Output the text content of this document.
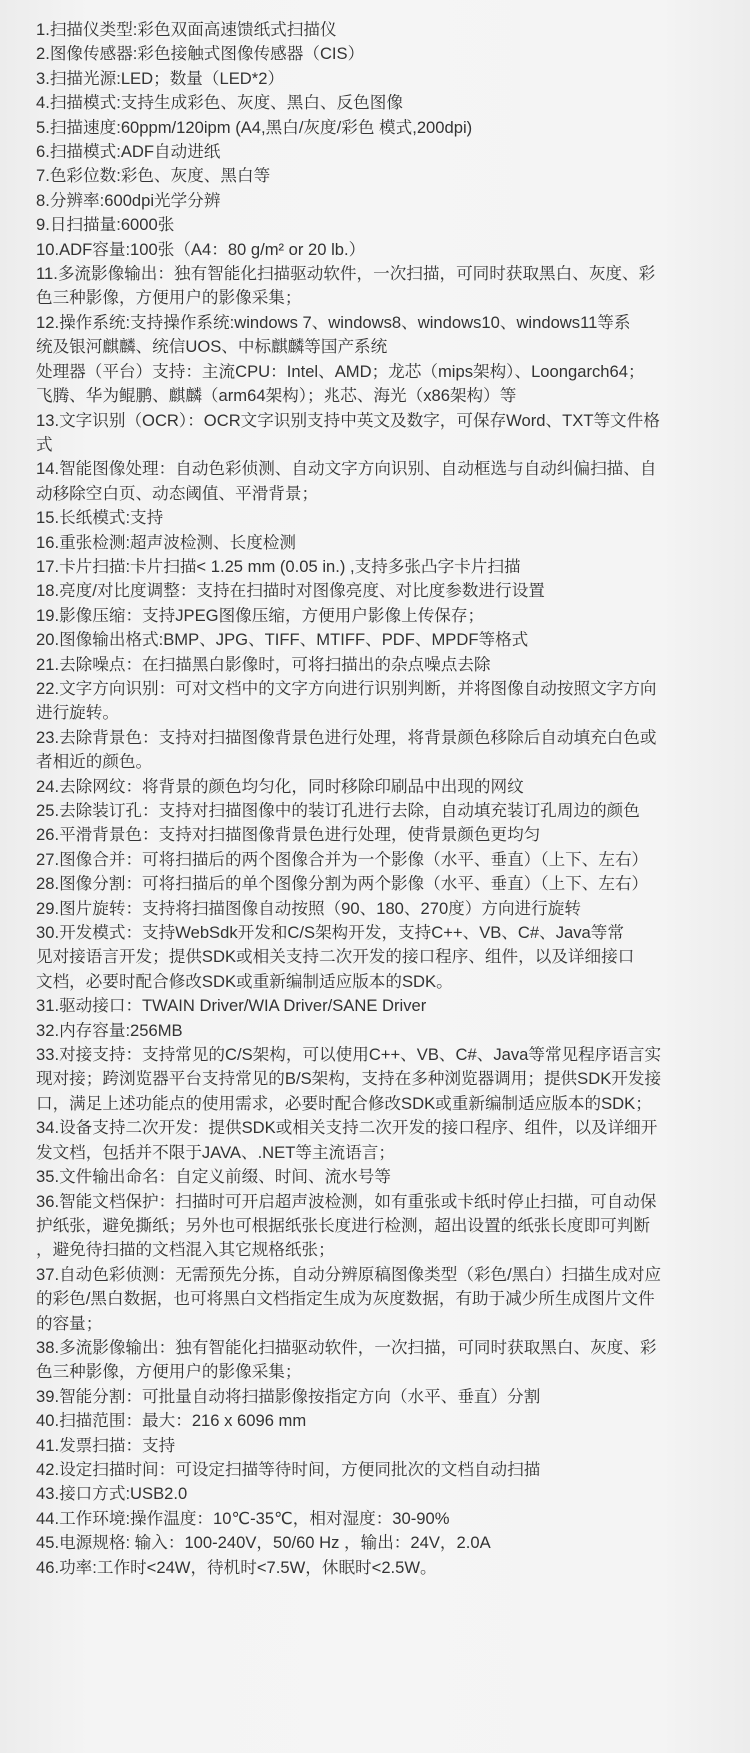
1.扫描仪类型:彩色双面高速馈纸式扫描仪

2.图像传感器:彩色接触式图像传感器（CIS）

3.扫描光源:LED；数量（LED*2）

4.扫描模式:支持生成彩色、灰度、黑白、反色图像

5.扫描速度:60ppm/120ipm (A4,黑白/灰度/彩色 模式,200dpi)

6.扫描模式:ADF自动进纸

7.色彩位数:彩色、灰度、黑白等

8.分辨率:600dpi光学分辨

9.日扫描量:6000张

10.ADF容量:100张（A4：80 g/m² or 20 lb.）

11.多流影像输出：独有智能化扫描驱动软件，一次扫描，可同时获取黑白、灰度、彩

色三种影像，方便用户的影像采集；

12.操作系统:支持操作系统:windows 7、windows8、windows10、windows11等系

统及银河麒麟、统信UOS、中标麒麟等国产系统

处理器（平台）支持：主流CPU：Intel、AMD；龙芯（mips架构）、Loongarch64；

飞腾、华为鲲鹏、麒麟（arm64架构）；兆芯、海光（x86架构）等

13.文字识别（OCR）：OCR文字识别支持中英文及数字，可保存Word、TXT等文件格

式

14.智能图像处理：自动色彩侦测、自动文字方向识别、自动框选与自动纠偏扫描、自

动移除空白页、动态阈值、平滑背景；

15.长纸模式:支持

16.重张检测:超声波检测、长度检测

17.卡片扫描:卡片扫描< 1.25 mm (0.05 in.) ,支持多张凸字卡片扫描

18.亮度/对比度调整：支持在扫描时对图像亮度、对比度参数进行设置

19.影像压缩：支持JPEG图像压缩，方便用户影像上传保存；

20.图像输出格式:BMP、JPG、TIFF、MTIFF、PDF、MPDF等格式

21.去除噪点：在扫描黑白影像时，可将扫描出的杂点噪点去除

22.文字方向识别：可对文档中的文字方向进行识别判断，并将图像自动按照文字方向

进行旋转。

23.去除背景色：支持对扫描图像背景色进行处理，将背景颜色移除后自动填充白色或

者相近的颜色。

24.去除网纹：将背景的颜色均匀化，同时移除印刷品中出现的网纹

25.去除装订孔：支持对扫描图像中的装订孔进行去除，自动填充装订孔周边的颜色

26.平滑背景色：支持对扫描图像背景色进行处理，使背景颜色更均匀

27.图像合并：可将扫描后的两个图像合并为一个影像（水平、垂直）（上下、左右）

28.图像分割：可将扫描后的单个图像分割为两个影像（水平、垂直）（上下、左右）

29.图片旋转：支持将扫描图像自动按照（90、180、270度）方向进行旋转

30.开发模式：支持WebSdk开发和C/S架构开发，支持C++、VB、C#、Java等常

见对接语言开发；提供SDK或相关支持二次开发的接口程序、组件，以及详细接口

文档，必要时配合修改SDK或重新编制适应版本的SDK。

31.驱动接口：TWAIN Driver/WIA Driver/SANE Driver

32.内存容量:256MB

33.对接支持：支持常见的C/S架构，可以使用C++、VB、C#、Java等常见程序语言实

现对接；跨浏览器平台支持常见的B/S架构，支持在多种浏览器调用；提供SDK开发接

口，满足上述功能点的使用需求，必要时配合修改SDK或重新编制适应版本的SDK；

34.设备支持二次开发：提供SDK或相关支持二次开发的接口程序、组件，以及详细开

发文档，包括并不限于JAVA、.NET等主流语言；

35.文件输出命名：自定义前缀、时间、流水号等

36.智能文档保护：扫描时可开启超声波检测，如有重张或卡纸时停止扫描，可自动保

护纸张，避免撕纸；另外也可根据纸张长度进行检测，超出设置的纸张长度即可判断

，避免待扫描的文档混入其它规格纸张；

37.自动色彩侦测：无需预先分拣，自动分辨原稿图像类型（彩色/黑白）扫描生成对应

的彩色/黑白数据，也可将黑白文档指定生成为灰度数据，有助于减少所生成图片文件

的容量；

38.多流影像输出：独有智能化扫描驱动软件，一次扫描，可同时获取黑白、灰度、彩

色三种影像，方便用户的影像采集；

39.智能分割：可批量自动将扫描影像按指定方向（水平、垂直）分割

40.扫描范围：最大：216 x 6096 mm

41.发票扫描：支持

42.设定扫描时间：可设定扫描等待时间，方便同批次的文档自动扫描

43.接口方式:USB2.0

44.工作环境:操作温度：10℃-35℃，相对湿度：30-90%

45.电源规格: 输入：100-240V，50/60 Hz ，输出：24V，2.0A

46.功率:工作时<24W，待机时<7.5W，休眠时<2.5W。
